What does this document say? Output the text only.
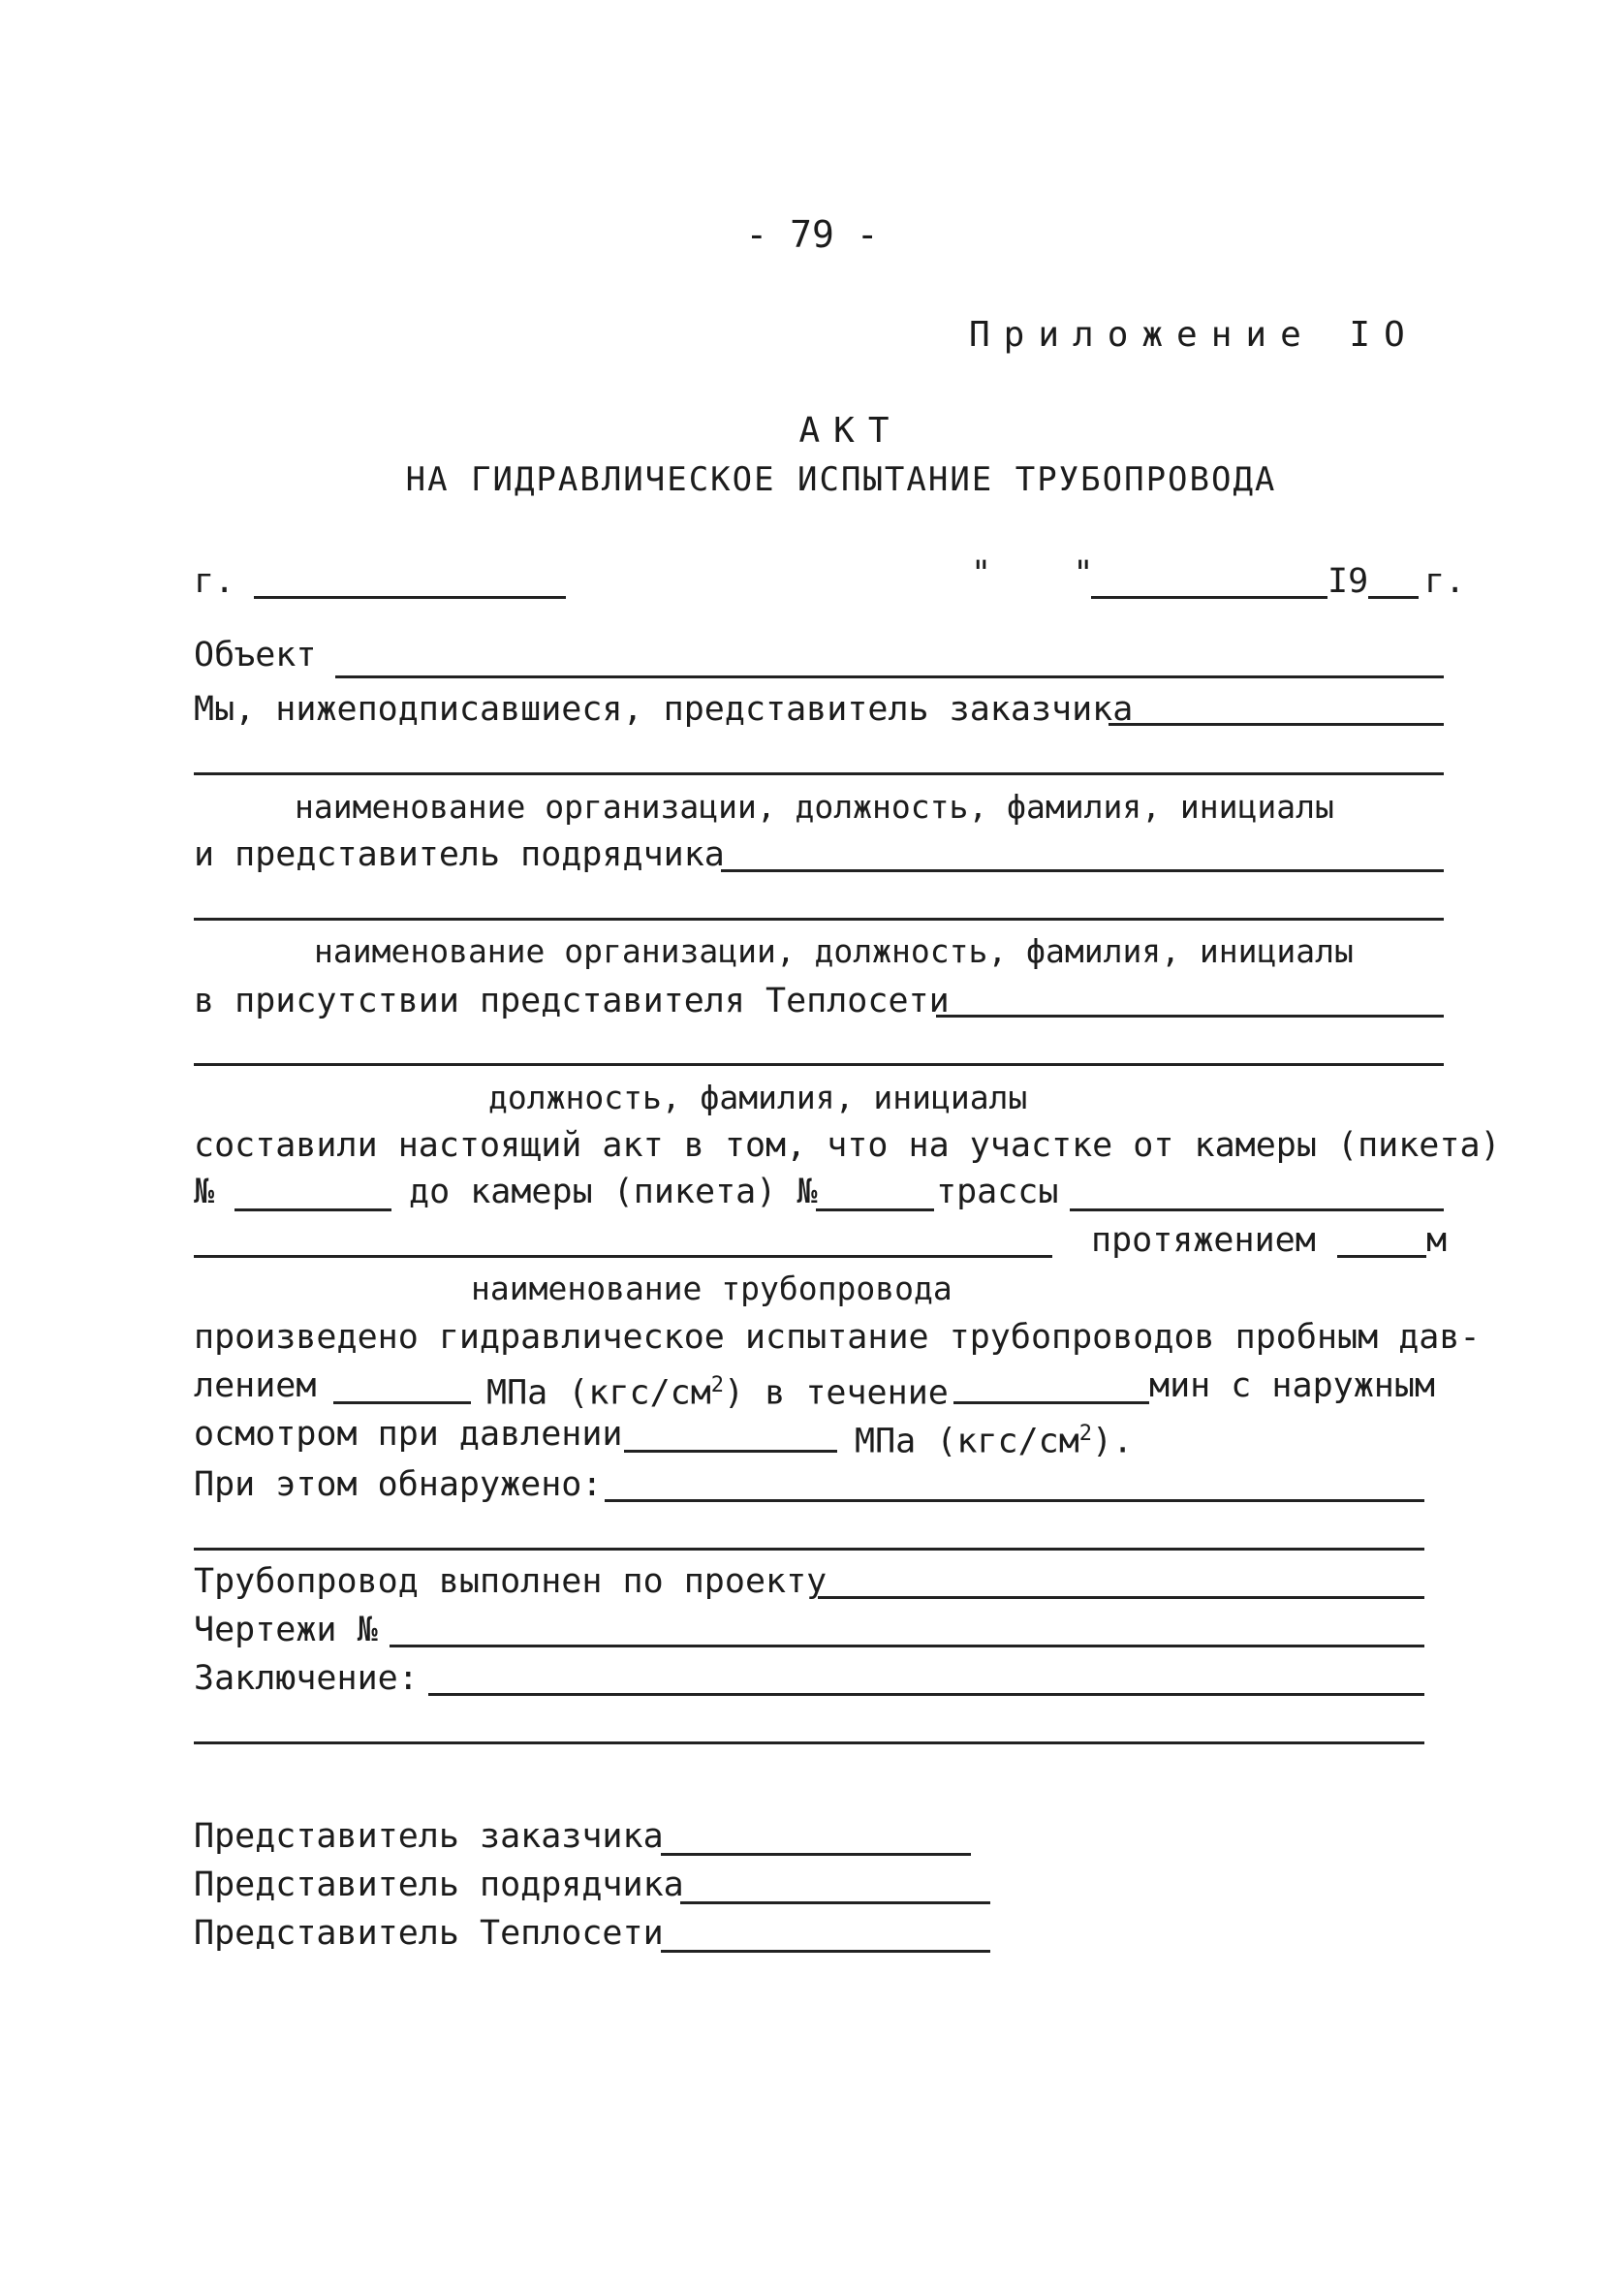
- 79 -
Приложение IO
АКТ
НА ГИДРАВЛИЧЕСКОЕ ИСПЫТАНИЕ ТРУБОПРОВОДА
г.	"    "	I9 г.
Объект
Мы, нижеподписавшиеся, представитель заказчика
наименование организации, должность, фамилия, инициалы
и представитель подрядчика
наименование организации, должность, фамилия, инициалы
в присутствии представителя Теплосети
должность, фамилия, инициалы
составили настоящий акт в том, что на участке от камеры (пикета)
№	до камеры (пикета) №	трассы
протяжением	м
наименование трубопровода
произведено гидравлическое испытание трубопроводов пробным дав-
лением	МПа $(кгс/см^2)$ в течение	мин с наружным
осмотром при давлении	МПа $(кгс/см^2)$.
При этом обнаружено:
Трубопровод выполнен по проекту
Чертежи №
Заключение:
Представитель заказчика
Представитель подрядчика
Представитель Теплосети
